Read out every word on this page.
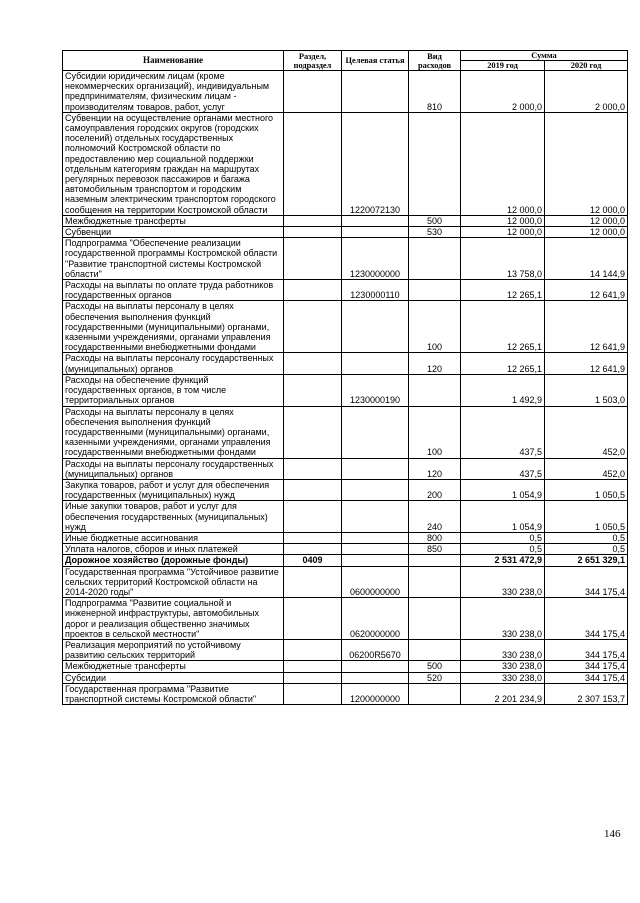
Наименование	Раздел, подраздел	Целевая статья	Вид расходов	Сумма	
				2019 год	2020 год
Субсидии юридическим лицам (кроме некоммерческих организаций), индивидуальным предпринимателям, физическим лицам - производителям товаров, работ, услуг			810	2 000,0	2 000,0
Субвенции на осуществление органами местного самоуправления городских округов (городских поселений) отдельных государственных полномочий Костромской области по предоставлению мер социальной поддержки отдельным категориям граждан на маршрутах регулярных перевозок пассажиров и багажа автомобильным транспортом и городским наземным электрическим транспортом городского сообщения на территории Костромской области		1220072130		12 000,0	12 000,0
Межбюджетные трансферты			500	12 000,0	12 000,0
Субвенции			530	12 000,0	12 000,0
Подпрограмма "Обеспечение реализации государственной программы Костромской области "Развитие транспортной системы Костромской области"		1230000000		13 758,0	14 144,9
Расходы на выплаты по оплате труда работников государственных органов		1230000110		12 265,1	12 641,9
Расходы на выплаты персоналу в целях обеспечения выполнения функций государственными (муниципальными) органами, казенными учреждениями, органами управления государственными внебюджетными фондами			100	12 265,1	12 641,9
Расходы на выплаты персоналу государственных (муниципальных) органов			120	12 265,1	12 641,9
Расходы на обеспечение функций государственных органов, в том числе территориальных органов		1230000190		1 492,9	1 503,0
Расходы на выплаты персоналу в целях обеспечения выполнения функций государственными (муниципальными) органами, казенными учреждениями, органами управления государственными внебюджетными фондами			100	437,5	452,0
Расходы на выплаты персоналу государственных (муниципальных) органов			120	437,5	452,0
Закупка товаров, работ и услуг для обеспечения государственных (муниципальных) нужд			200	1 054,9	1 050,5
Иные закупки товаров, работ и услуг для обеспечения государственных (муниципальных) нужд			240	1 054,9	1 050,5
Иные бюджетные ассигнования			800	0,5	0,5
Уплата налогов, сборов и иных платежей			850	0,5	0,5
Дорожное хозяйство (дорожные фонды)	0409			2 531 472,9	2 651 329,1
Государственная программа "Устойчивое развитие сельских территорий Костромской области на 2014-2020 годы"		0600000000		330 238,0	344 175,4
Подпрограмма "Развитие социальной и инженерной инфраструктуры, автомобильных дорог и реализация общественно значимых проектов в сельской местности"		0620000000		330 238,0	344 175,4
Реализация мероприятий по устойчивому развитию сельских территорий		06200R5670		330 238,0	344 175,4
Межбюджетные трансферты			500	330 238,0	344 175,4
Субсидии			520	330 238,0	344 175,4
Государственная программа "Развитие транспортной системы Костромской области"		1200000000		2 201 234,9	2 307 153,7
146
